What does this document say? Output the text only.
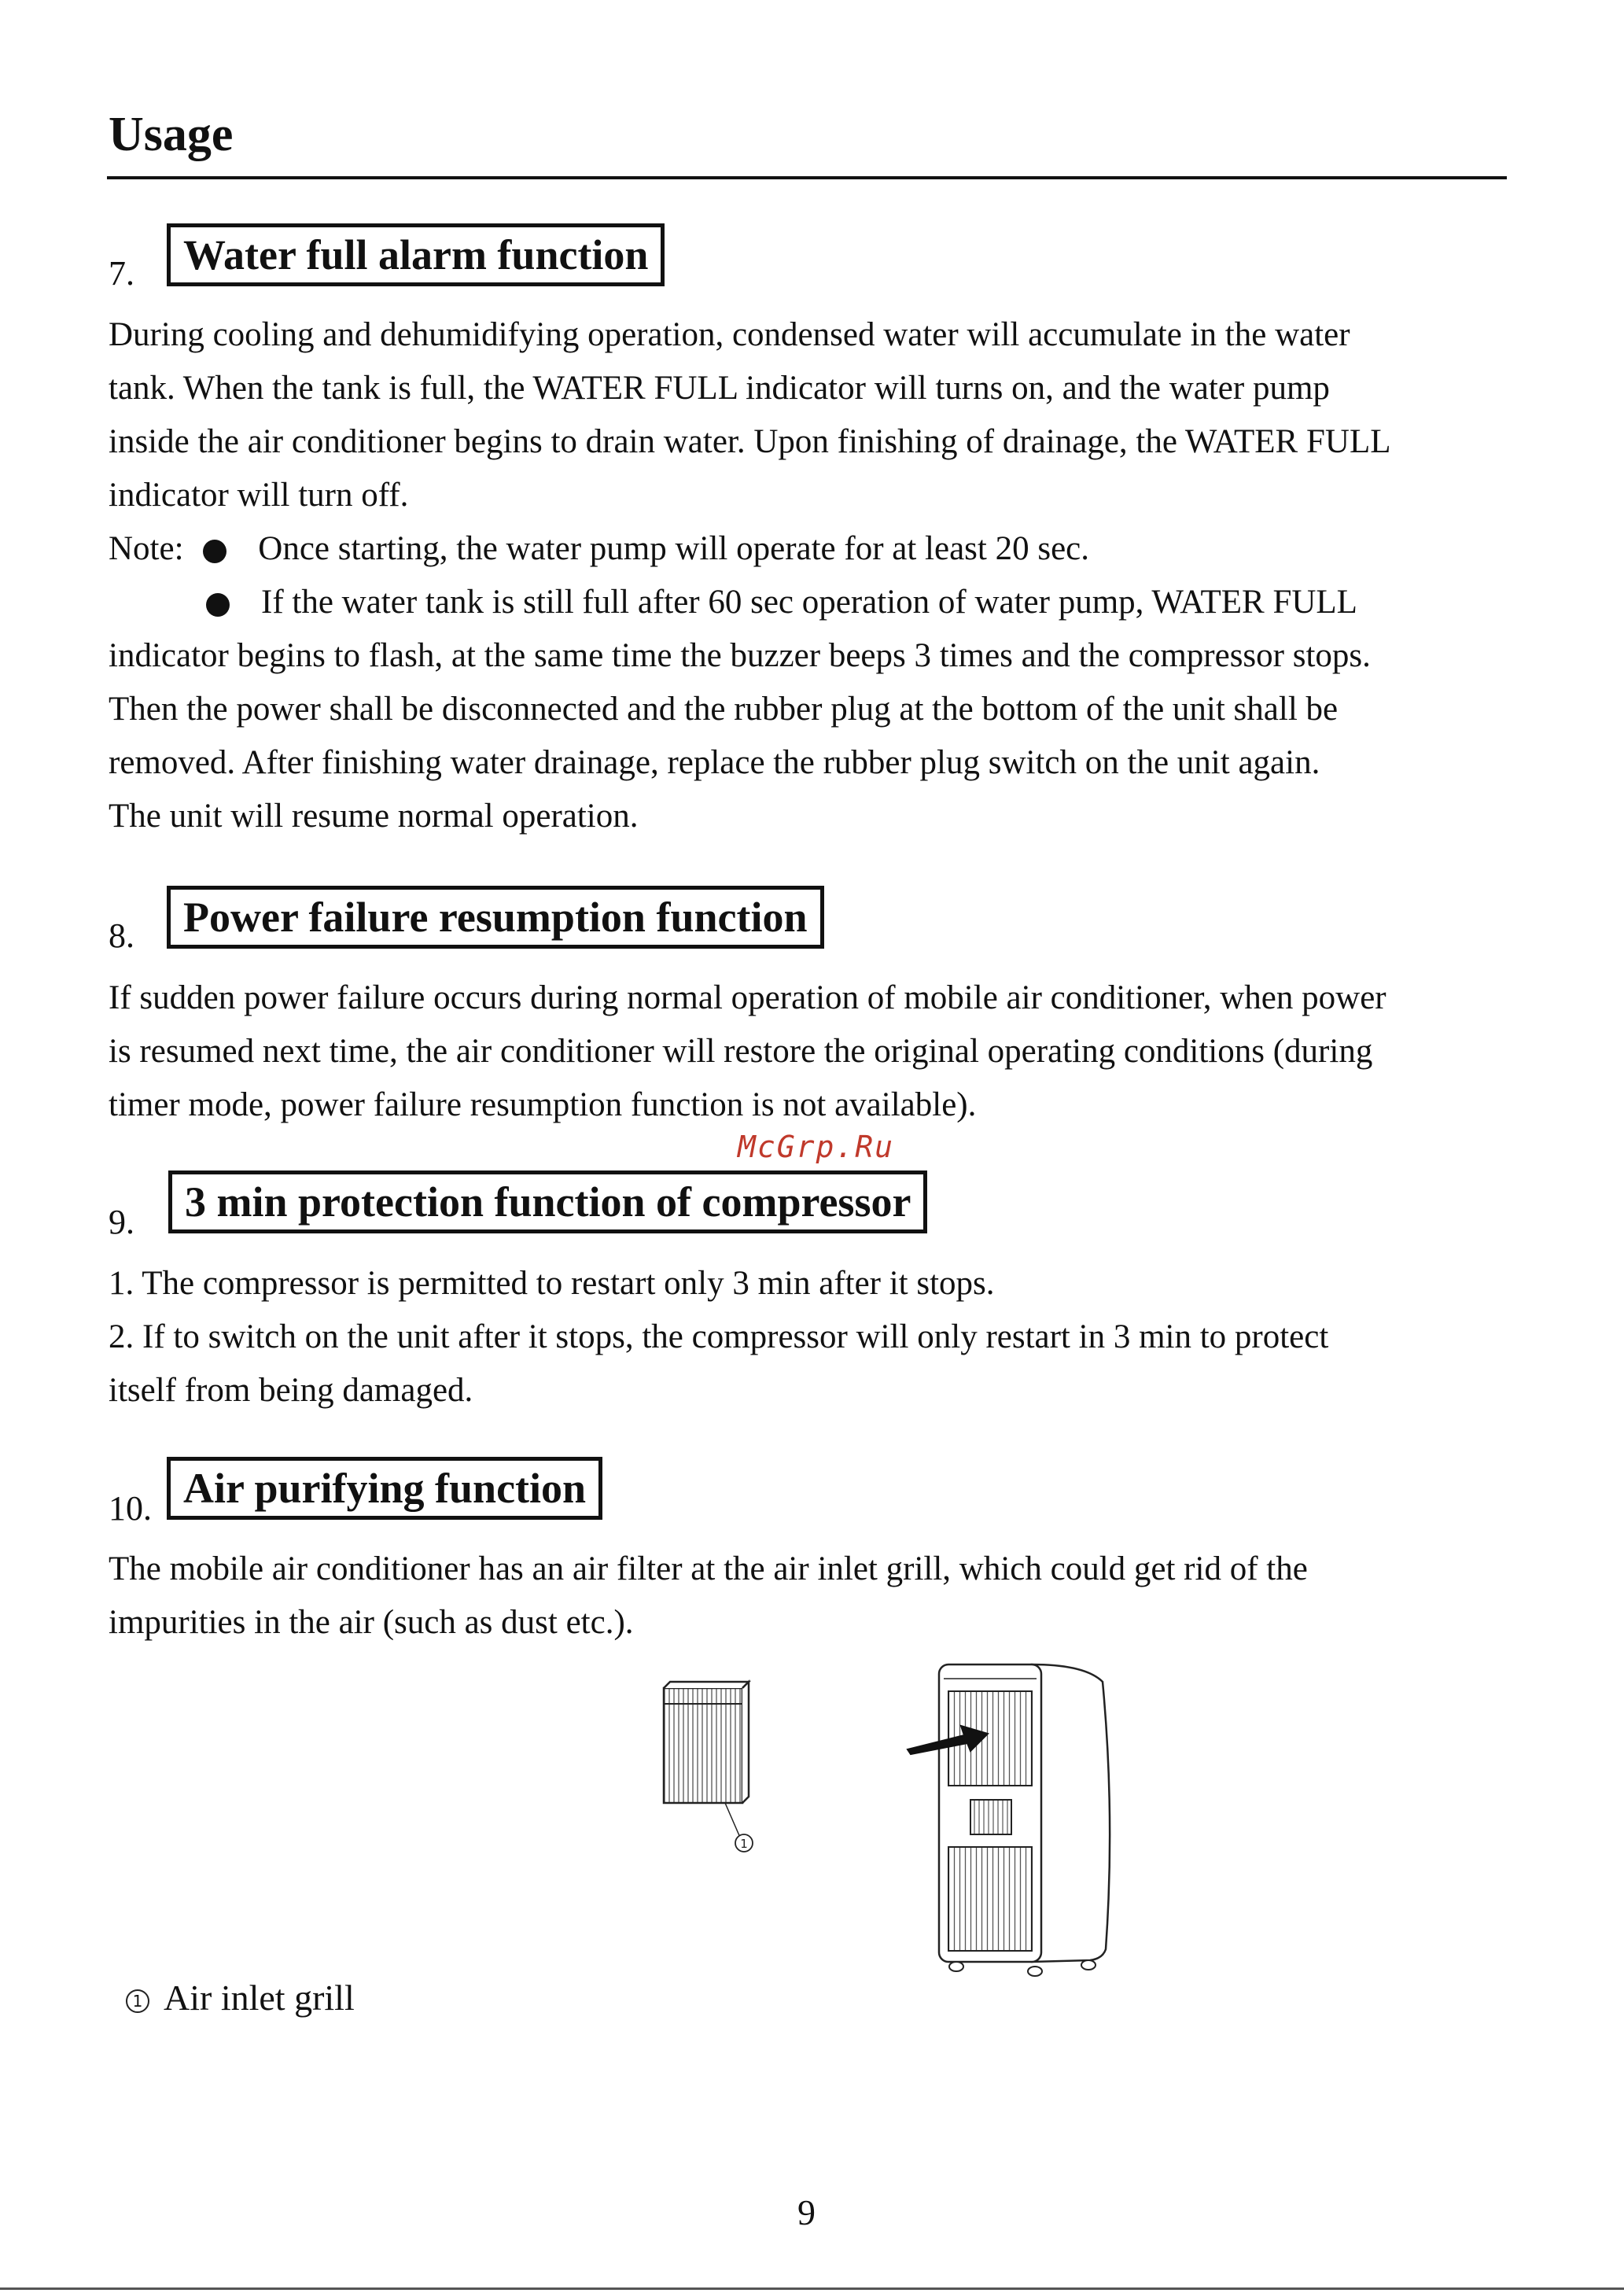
Usage
7.	Water full alarm function
During cooling and dehumidifying operation, condensed water will accumulate in the water
tank. When the tank is full, the WATER FULL indicator will turns on, and the water pump
inside the air conditioner begins to drain water. Upon finishing of drainage, the WATER FULL
indicator will turn off.
Note: Once starting, the water pump will operate for at least 20 sec.
If the water tank is still full after 60 sec operation of water pump, WATER FULL
indicator begins to flash, at the same time the buzzer beeps 3 times and the compressor stops.
Then the power shall be disconnected and the rubber plug at the bottom of the unit shall be
removed. After finishing water drainage, replace the rubber plug switch on the unit again.
The unit will resume normal operation.
8.	Power failure resumption function
If sudden power failure occurs during normal operation of mobile air conditioner, when power
is resumed next time, the air conditioner will restore the original operating conditions (during
timer mode, power failure resumption function is not available).
McGrp.Ru
9.	3 min protection function of compressor
1. The compressor is permitted to restart only 3 min after it stops.
2. If to switch on the unit after it stops, the compressor will only restart in 3 min to protect
itself from being damaged.
10. Air purifying function
The mobile air conditioner has an air filter at the air inlet grill, which could get rid of the
impurities in the air (such as dust etc.).
1
1 Air inlet grill
9
